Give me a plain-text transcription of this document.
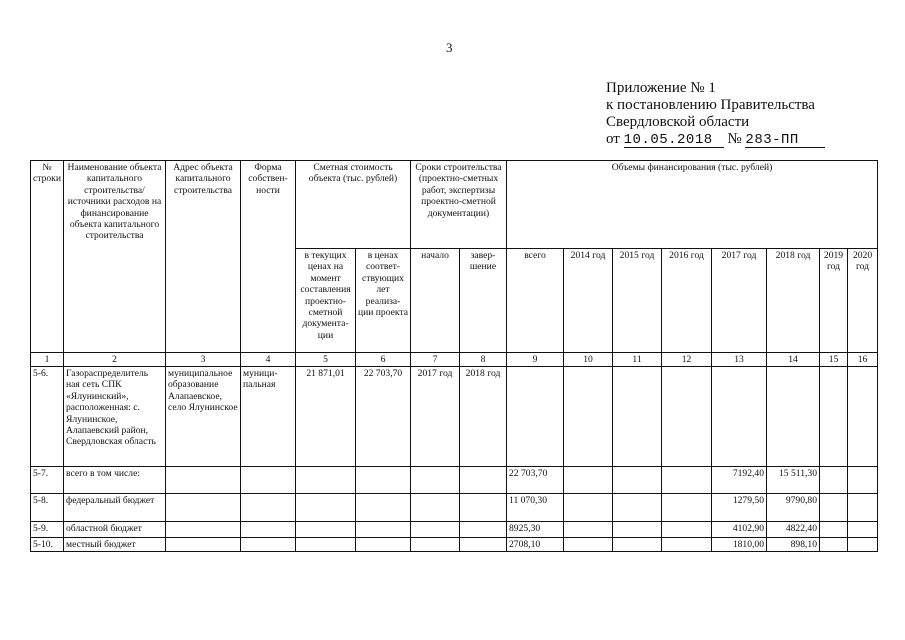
3
Приложение № 1
к постановлению Правительства
Свердловской области
от 10.05.2018 № 283-ПП
№ строки	Наименование объекта капитального строительства/ источники расходов на финансирование объекта капитального строительства	Адрес объекта капитального строительства	Форма собствен-ности	Сметная стоимость объекта (тыс. рублей)		Сроки строительства (проектно-сметных работ, экспертизы проектно-сметной документации)		Объемы финансирования (тыс. рублей)							
				в текущих ценах на момент составления проектно-сметной документа-ции	в ценах соответ-ствующих лет реализа-ции проекта	начало	завер-шение	всего	2014 год	2015 год	2016 год	2017 год	2018 год	2019 год	2020 год
1	2	3	4	5	6	7	8	9	10	11	12	13	14	15	16
5-6.	Газораспределитель ная сеть СПК «Ялунинский», расположенная: с. Ялунинское, Алапаевский район, Свердловская область	муниципальное образование Алапаевское, село Ялунинское	муници-пальная	21 871,01	22 703,70	2017 год	2018 год								
5-7.	всего в том числе:							22 703,70				7192,40	15 511,30		
5-8.	федеральный бюджет							11 070,30				1279,50	9790,80		
5-9.	областной бюджет							8925,30				4102,90	4822,40		
5-10.	местный бюджет							2708,10				1810,00	898,10		
